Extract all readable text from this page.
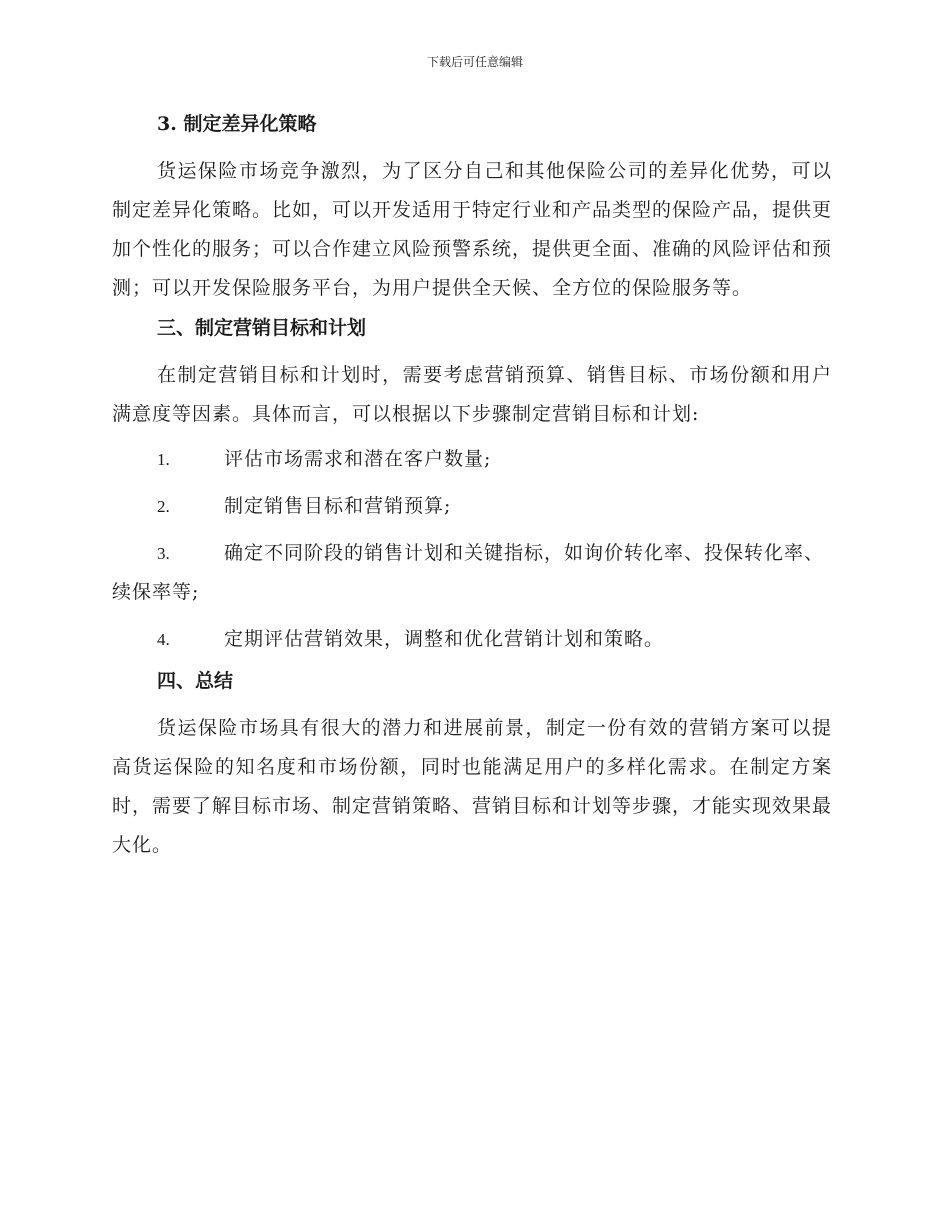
下载后可任意编辑
3. 制定差异化策略

货运保险市场竞争激烈，为了区分自己和其他保险公司的差异化优势，可以制定差异化策略。比如，可以开发适用于特定行业和产品类型的保险产品，提供更加个性化的服务；可以合作建立风险预警系统，提供更全面、准确的风险评估和预测；可以开发保险服务平台，为用户提供全天候、全方位的保险服务等。

三、制定营销目标和计划

在制定营销目标和计划时，需要考虑营销预算、销售目标、市场份额和用户满意度等因素。具体而言，可以根据以下步骤制定营销目标和计划:

1.	评估市场需求和潜在客户数量;
2.	制定销售目标和营销预算;
3.	确定不同阶段的销售计划和关键指标，如询价转化率、投保转化率、续保率等;
4.	定期评估营销效果，调整和优化营销计划和策略。
四、总结

货运保险市场具有很大的潜力和进展前景，制定一份有效的营销方案可以提高货运保险的知名度和市场份额，同时也能满足用户的多样化需求。在制定方案时，需要了解目标市场、制定营销策略、营销目标和计划等步骤，才能实现效果最大化。
